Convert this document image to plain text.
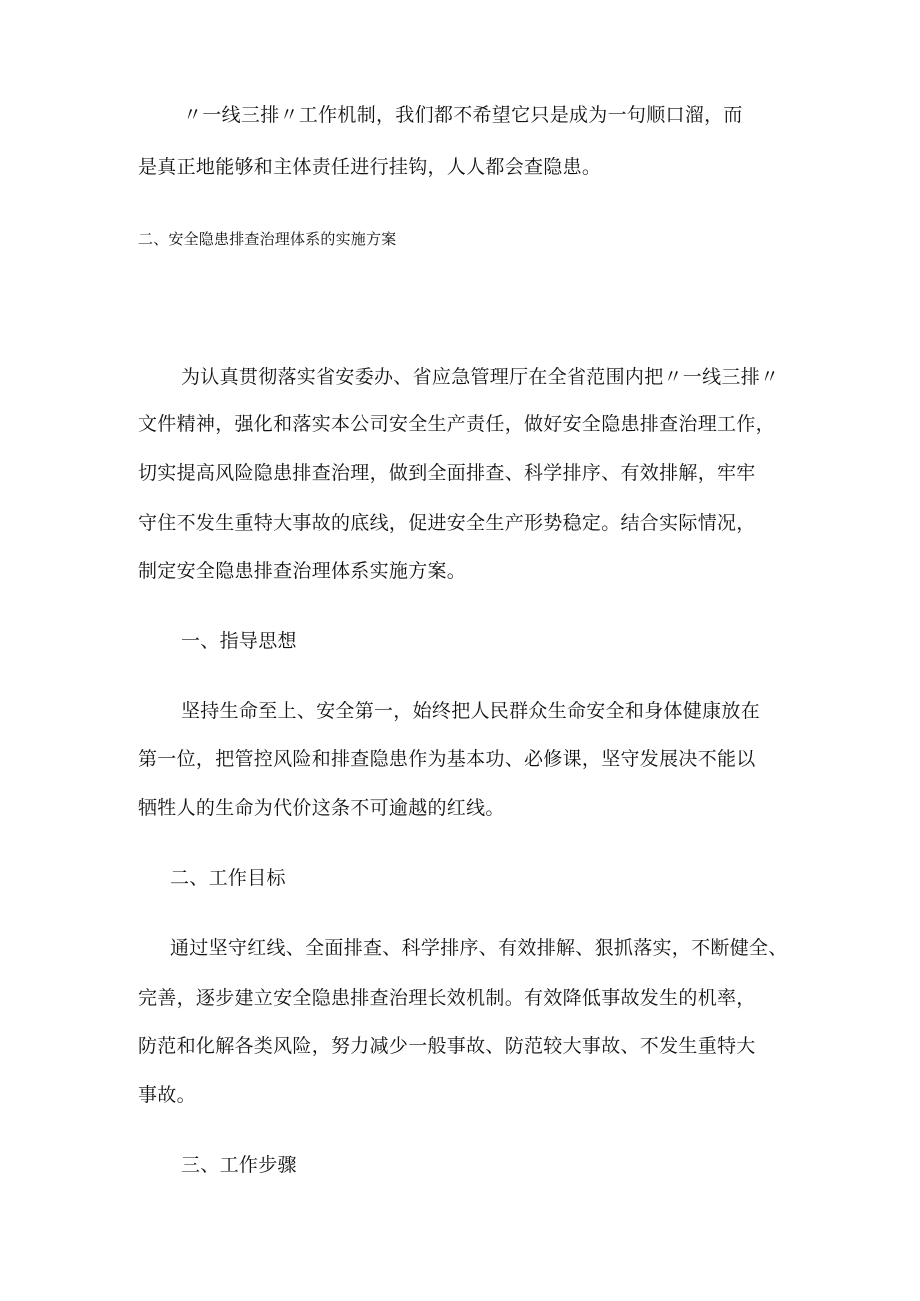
〃一线三排〃工作机制，我们都不希望它只是成为一句顺口溜，而
是真正地能够和主体责任进行挂钩，人人都会查隐患。
二、安全隐患排查治理体系的实施方案
为认真贯彻落实省安委办、省应急管理厅在全省范围内把〃一线三排〃
文件精神，强化和落实本公司安全生产责任，做好安全隐患排查治理工作，
切实提高风险隐患排查治理，做到全面排查、科学排序、有效排解，牢牢
守住不发生重特大事故的底线，促进安全生产形势稳定。结合实际情况，
制定安全隐患排查治理体系实施方案。
一、指导思想
坚持生命至上、安全第一，始终把人民群众生命安全和身体健康放在
第一位，把管控风险和排查隐患作为基本功、必修课，坚守发展决不能以
牺牲人的生命为代价这条不可逾越的红线。
二、工作目标
通过坚守红线、全面排查、科学排序、有效排解、狠抓落实，不断健全、
完善，逐步建立安全隐患排查治理长效机制。有效降低事故发生的机率，
防范和化解各类风险，努力减少一般事故、防范较大事故、不发生重特大
事故。
三、工作步骤
